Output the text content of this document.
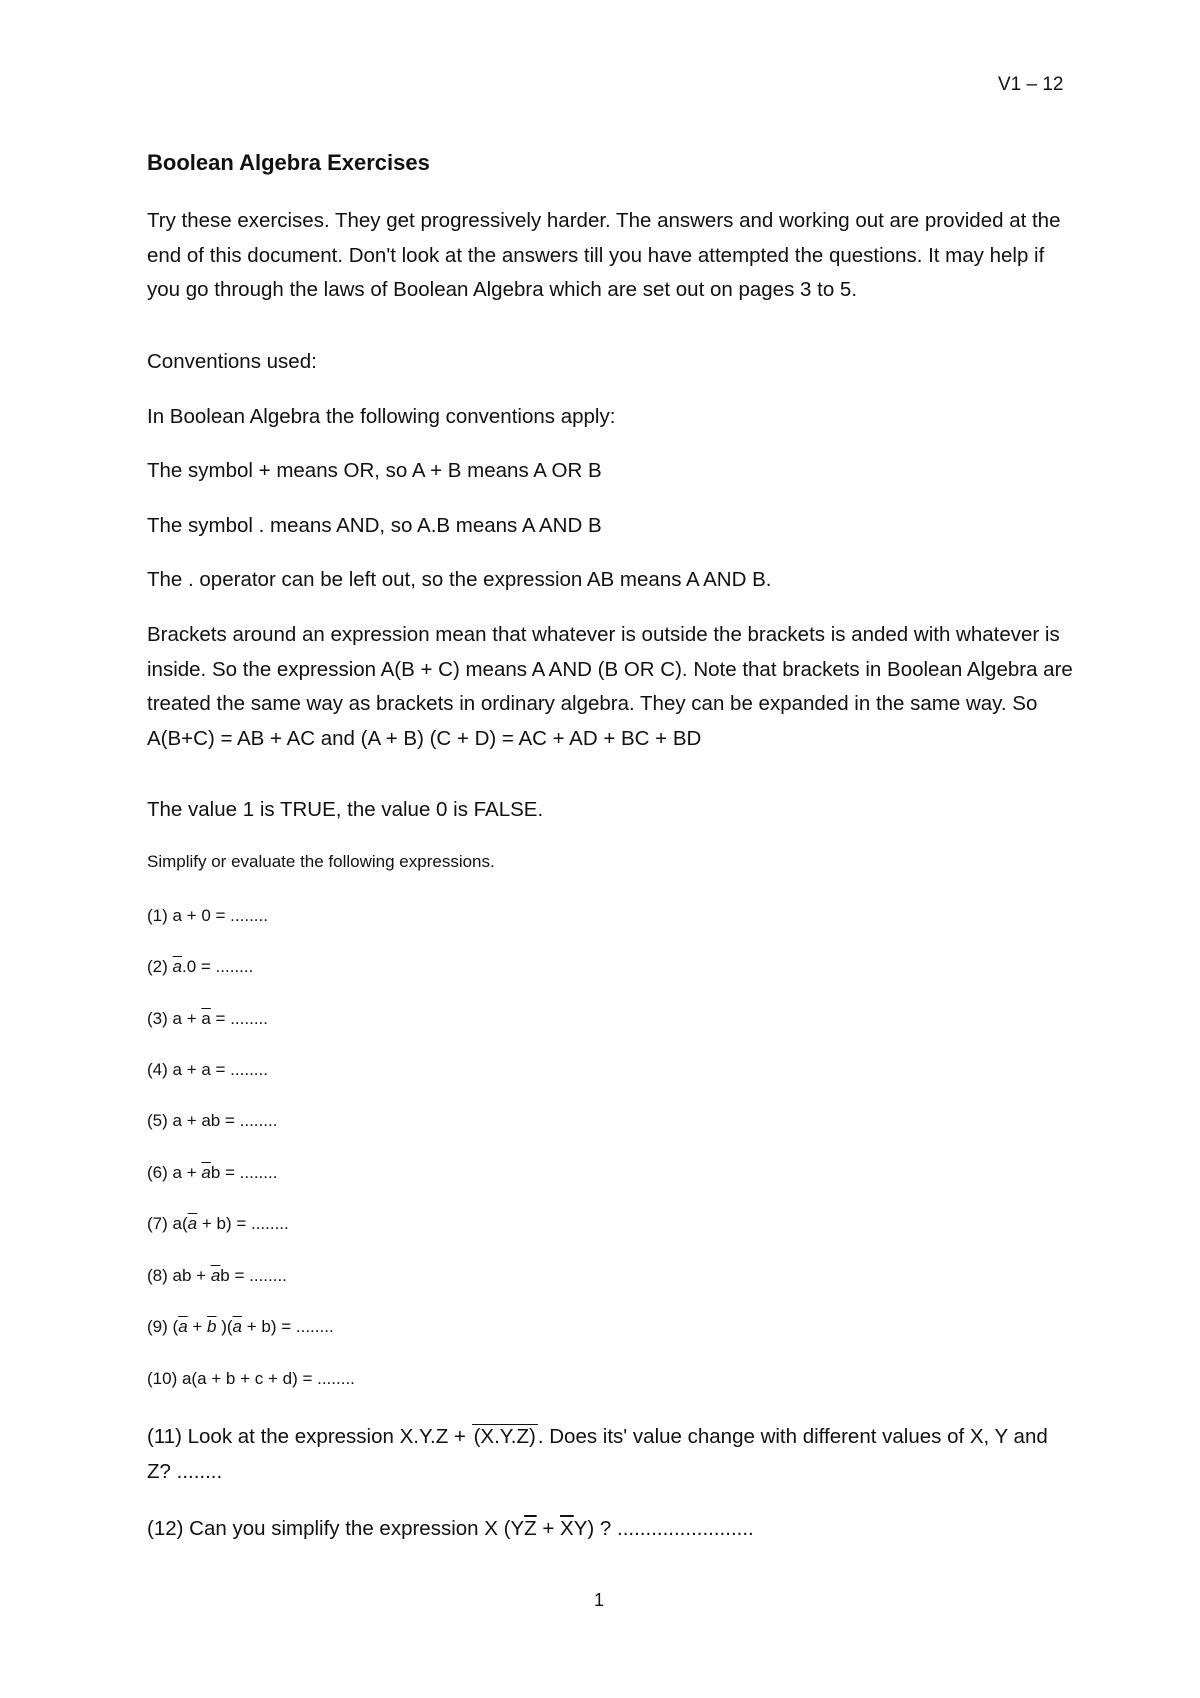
V1 – 12
Boolean Algebra Exercises

Try these exercises. They get progressively harder. The answers and working out are provided at the end of this document. Don't look at the answers till you have attempted the questions. It may help if you go through the laws of Boolean Algebra which are set out on pages 3 to 5.

Conventions used:

In Boolean Algebra the following conventions apply:

The symbol + means OR, so A + B means A OR B

The symbol . means AND, so A.B means A AND B

The . operator can be left out, so the expression AB means A AND B.

Brackets around an expression mean that whatever is outside the brackets is anded with whatever is inside. So the expression A(B + C) means A AND (B OR C). Note that brackets in Boolean Algebra are treated the same way as brackets in ordinary algebra. They can be expanded in the same way. So A(B+C) = AB + AC and (A + B) (C + D) = AC + AD + BC + BD

The value 1 is TRUE, the value 0 is FALSE.

Simplify or evaluate the following expressions.

(1) a + 0 = ........

(2) $\overline{a}.0$ = ........

(3) $a + \overline{a}$ = ........

(4) a + a = ........

(5) a + ab = ........

(6) $a + \overline{a}b$ = ........

(7) $a(\overline{a} + b)$ = ........

(8) ab + $\overline{a}b$ = ........

(9) ($\overline{a} + \overline{b}$ )$(\overline{a} + b)$ = ........

(10) a(a + b + c + d) = ........

(11) Look at the expression X.Y.Z + (X.Y.Z). Does its' value change with different values of X, Y and Z? ........

(12) Can you simplify the expression X $(Y\overline{Z} + \overline{X}Y)$ ? ........................

1
